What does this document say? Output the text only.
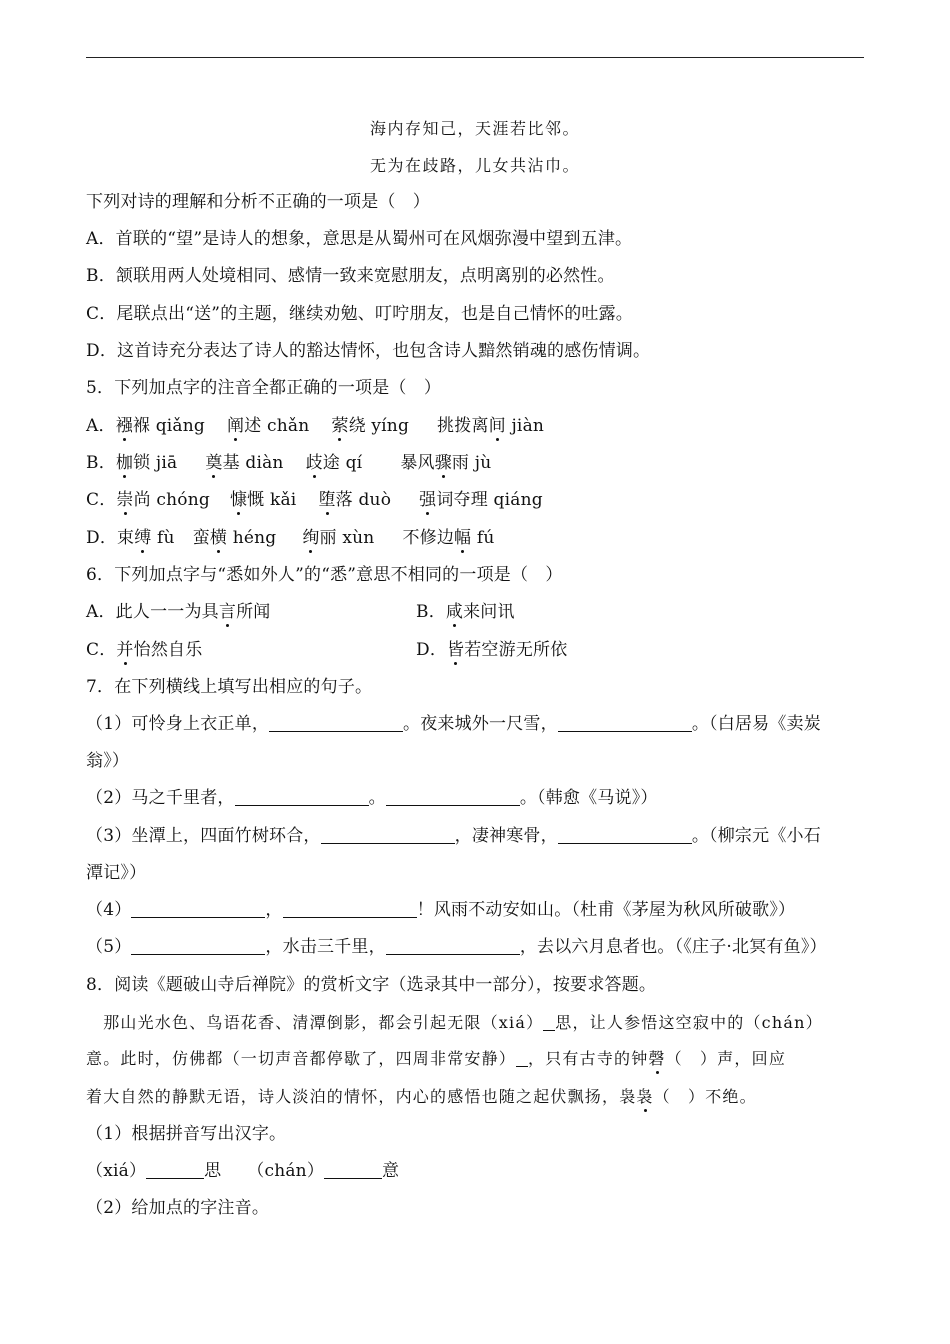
海内存知己，天涯若比邻。
无为在歧路，儿女共沾巾。
下列对诗的理解和分析不正确的一项是（　）
A．首联的“望”是诗人的想象，意思是从蜀州可在风烟弥漫中望到五津。
B．颔联用两人处境相同、感情一致来宽慰朋友，点明离别的必然性。
C．尾联点出“送”的主题，继续劝勉、叮咛朋友，也是自己情怀的吐露。
D．这首诗充分表达了诗人的豁达情怀，也包含诗人黯然销魂的感伤情调。
5．下列加点字的注音全都正确的一项是（　）
A．襁褓 qiǎng 阐述 chǎn 萦绕 yíng 挑拨离间 jiàn
B．枷锁 jiā 奠基 diàn 歧途 qí 暴风骤雨 jù
C．崇尚 chóng 慷慨 kǎi 堕落 duò 强词夺理 qiáng
D．束缚 fù 蛮横 héng 绚丽 xùn 不修边幅 fú
6．下列加点字与“悉如外人”的“悉”意思不相同的一项是（　）
A．此人一一为具言所闻	B．咸来问讯
C．并怡然自乐	D．皆若空游无所依
7．在下列横线上填写出相应的句子。
（1）可怜身上衣正单，	。夜来城外一尺雪，	。（白居易《卖炭
翁》）
（2）马之千里者，	。	。（韩愈《马说》）
（3）坐潭上，四面竹树环合，	，凄神寒骨，	。（柳宗元《小石
潭记》）
（4）	，	！风雨不动安如山。（杜甫《茅屋为秋风所破歌》）
（5）	，水击三千里，	，去以六月息者也。（《庄子·北冥有鱼》）
8．阅读《题破山寺后禅院》的赏析文字（选录其中一部分），按要求答题。
　那山光水色、鸟语花香、清潭倒影，都会引起无限（xiá） 思，让人参悟这空寂中的（chán）
意。此时，仿佛都（一切声音都停歇了，四周非常安静） ，只有古寺的钟磬（　）声，回应
着大自然的静默无语，诗人淡泊的情怀，内心的感悟也随之起伏飘扬，袅袅（　）不绝。
（1）根据拼音写出汉字。
（xiá）	思　　（chán）	意
（2）给加点的字注音。
